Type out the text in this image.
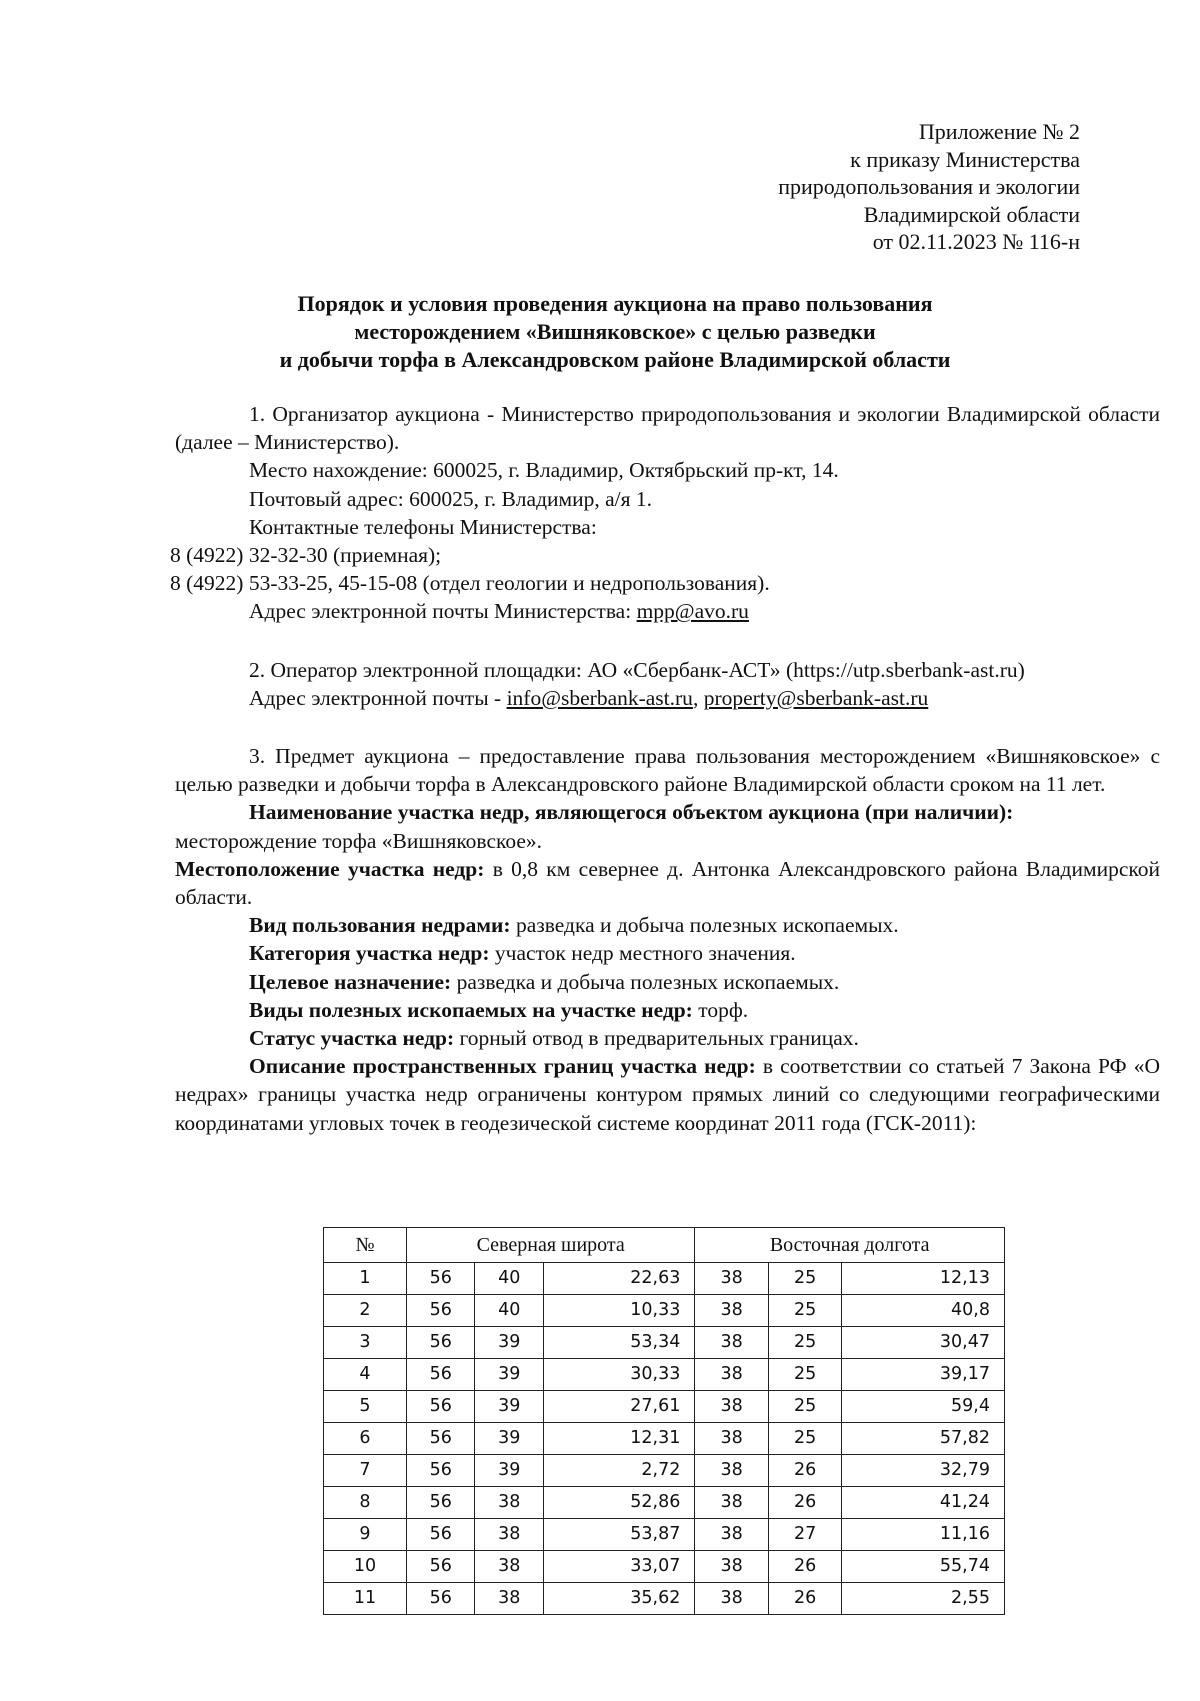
Приложение № 2
к приказу Министерства
природопользования и экологии
Владимирской области
от 02.11.2023 № 116-н
Порядок и условия проведения аукциона на право пользования
месторождением «Вишняковское» с целью разведки
и добычи торфа в Александровском районе Владимирской области

1. Организатор аукциона - Министерство природопользования и экологии Владимирской области (далее – Министерство).

Место нахождение: 600025, г. Владимир, Октябрьский пр-кт, 14.
Почтовый адрес: 600025, г. Владимир, а/я 1.
Контактные телефоны Министерства:
8 (4922) 32-32-30 (приемная);
8 (4922) 53-33-25, 45-15-08 (отдел геологии и недропользования).
Адрес электронной почты Министерства: mpp@avo.ru
2. Оператор электронной площадки: АО «Сбербанк-АСТ» (https://utp.sberbank-ast.ru)
Адрес электронной почты - info@sberbank-ast.ru, property@sberbank-ast.ru

3. Предмет аукциона – предоставление права пользования месторождением «Вишняковское» с целью разведки и добычи торфа в Александровского районе Владимирской области сроком на 11 лет.

Наименование участка недр, являющегося объектом аукциона (при наличии):
месторождение торфа «Вишняковское».

Местоположение участка недр: в 0,8 км севернее д. Антонка Александровского района Владимирской области.

Вид пользования недрами: разведка и добыча полезных ископаемых.
Категория участка недр: участок недр местного значения.
Целевое назначение: разведка и добыча полезных ископаемых.
Виды полезных ископаемых на участке недр: торф.
Статус участка недр: горный отвод в предварительных границах.

Описание пространственных границ участка недр: в соответствии со статьей 7 Закона РФ «О недрах» границы участка недр ограничены контуром прямых линий со следующими географическими координатами угловых точек в геодезической системе координат 2011 года (ГСК-2011):

№	Северная широта			Восточная долгота		
1	56	40	22,63	38	25	12,13
2	56	40	10,33	38	25	40,8
3	56	39	53,34	38	25	30,47
4	56	39	30,33	38	25	39,17
5	56	39	27,61	38	25	59,4
6	56	39	12,31	38	25	57,82
7	56	39	2,72	38	26	32,79
8	56	38	52,86	38	26	41,24
9	56	38	53,87	38	27	11,16
10	56	38	33,07	38	26	55,74
11	56	38	35,62	38	26	2,55
